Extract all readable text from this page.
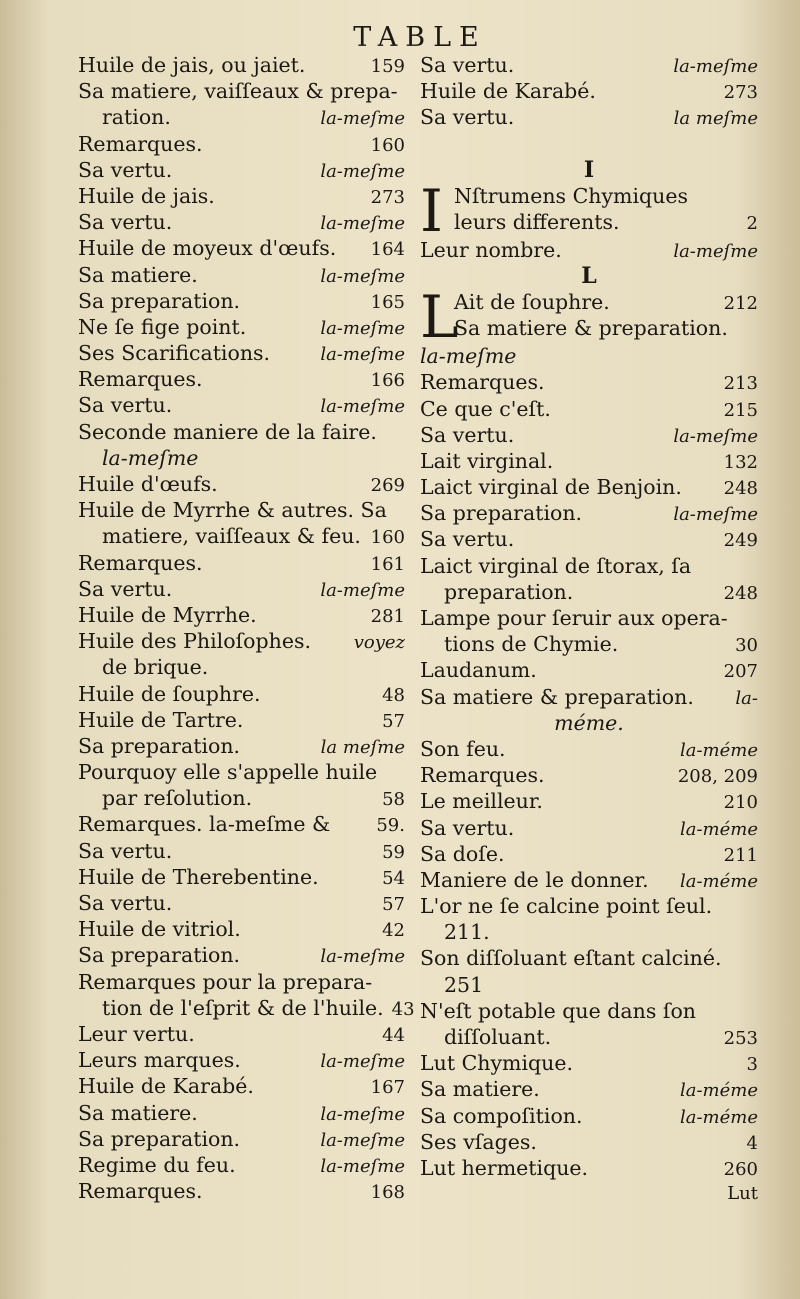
TABLE
Huile de jais, ou jaiet.	159
Sa matiere, vaiſſeaux & prepa-
ration.	la-meſme
Remarques.	160
Sa vertu.	la-meſme
Huile de jais.	273
Sa vertu.	la-meſme
Huile de moyeux d'œufs.	164
Sa matiere.	la-meſme
Sa preparation.	165
Ne ſe fige point.	la-meſme
Ses Scarifications.	la-meſme
Remarques.	166
Sa vertu.	la-meſme
Seconde maniere de la faire.
la-meſme
Huile d'œufs.	269
Huile de Myrrhe & autres. Sa
matiere, vaiſſeaux & feu. 160
Remarques.	161
Sa vertu.	la-meſme
Huile de Myrrhe.	281
Huile des Philoſophes.	voyez
de brique.
Huile de ſouphre.	48
Huile de Tartre.	57
Sa preparation.	la meſme
Pourquoy elle s'appelle huile
par reſolution.	58
Remarques. la-meſme &	59.
Sa vertu.	59
Huile de Therebentine.	54
Sa vertu.	57
Huile de vitriol.	42
Sa preparation.	la-meſme
Remarques pour la prepara-
tion de l'eſprit & de l'huile. 43
Leur vertu.	44
Leurs marques.	la-meſme
Huile de Karabé.	167
Sa matiere.	la-meſme
Sa preparation.	la-meſme
Regime du feu.	la-meſme
Remarques.	168
Sa vertu.	la-meſme
Huile de Karabé.	273
Sa vertu.	la meſme
I
I Nſtrumens Chymiques
leurs differents.	2
Leur nombre.	la-meſme
L
L
Ait de ſouphre.	212
Sa matiere & preparation.
la-meſme
Remarques.	213
Ce que c'eſt.	215
Sa vertu.	la-meſme
Lait virginal.	132
Laict virginal de Benjoin.	248
Sa preparation.	la-meſme
Sa vertu.	249
Laict virginal de ſtorax, ſa
preparation.	248
Lampe pour ſeruir aux opera-
tions de Chymie.	30
Laudanum.	207
Sa matiere & preparation.	la-
méme.
Son feu.	la-méme
Remarques.	208, 209
Le meilleur.	210
Sa vertu.	la-méme
Sa doſe.	211
Maniere de le donner.	la-méme
L'or ne ſe calcine point ſeul.
211.
Son diſſoluant eſtant calciné.
251
N'eſt potable que dans ſon
diſſoluant.	253
Lut Chymique.	3
Sa matiere.	la-méme
Sa compoſition.	la-méme
Ses vſages.	4
Lut hermetique.	260
Lut
